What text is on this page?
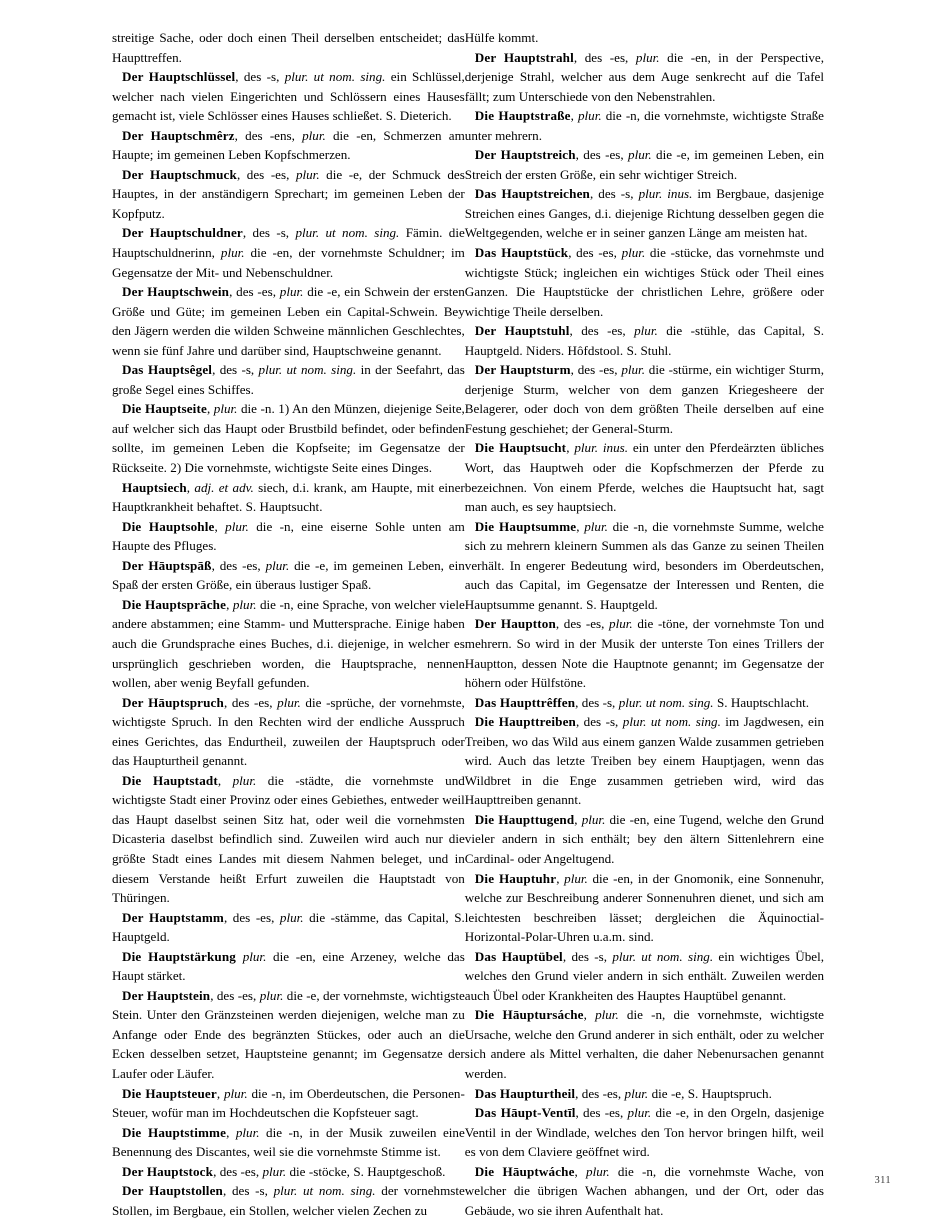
streitige Sache, oder doch einen Theil derselben entscheidet; das Haupttreffen.

Der Hauptschlüssel, des -s, plur. ut nom. sing. ein Schlüssel, welcher nach vielen Eingerichten und Schlössern eines Hauses gemacht ist, viele Schlösser eines Hauses schließet. S. Dieterich.

Der Hauptschmêrz, des -ens, plur. die -en, Schmerzen am Haupte; im gemeinen Leben Kopfschmerzen.

Der Hauptschmuck, des -es, plur. die -e, der Schmuck des Hauptes, in der anständigern Sprechart; im gemeinen Leben der Kopfputz.

Der Hauptschuldner, des -s, plur. ut nom. sing. Fämin. die Hauptschuldnerinn, plur. die -en, der vornehmste Schuldner; im Gegensatze der Mit- und Nebenschuldner.

Der Hauptschwein, des -es, plur. die -e, ein Schwein der ersten Größe und Güte; im gemeinen Leben ein Capital-Schwein. Bey den Jägern werden die wilden Schweine männlichen Geschlechtes, wenn sie fünf Jahre und darüber sind, Hauptschweine genannt.

Das Hauptsêgel, des -s, plur. ut nom. sing. in der Seefahrt, das große Segel eines Schiffes.

Die Hauptseite, plur. die -n. 1) An den Münzen, diejenige Seite, auf welcher sich das Haupt oder Brustbild befindet, oder befinden sollte, im gemeinen Leben die Kopfseite; im Gegensatze der Rückseite. 2) Die vornehmste, wichtigste Seite eines Dinges.

Hauptsiech, adj. et adv. siech, d.i. krank, am Haupte, mit einer Hauptkrankheit behaftet. S. Hauptsucht.

Die Hauptsohle, plur. die -n, eine eiserne Sohle unten am Haupte des Pfluges.

Der Hāuptspāß, des -es, plur. die -e, im gemeinen Leben, ein Spaß der ersten Größe, ein überaus lustiger Spaß.

Die Hauptsprāche, plur. die -n, eine Sprache, von welcher viele andere abstammen; eine Stamm- und Muttersprache. Einige haben auch die Grundsprache eines Buches, d.i. diejenige, in welcher es ursprünglich geschrieben worden, die Hauptsprache, nennen wollen, aber wenig Beyfall gefunden.

Der Hāuptspruch, des -es, plur. die -sprüche, der vornehmste, wichtigste Spruch. In den Rechten wird der endliche Ausspruch eines Gerichtes, das Endurtheil, zuweilen der Hauptspruch oder das Haupturtheil genannt.

Die Hauptstadt, plur. die -städte, die vornehmste und wichtigste Stadt einer Provinz oder eines Gebiethes, entweder weil das Haupt daselbst seinen Sitz hat, oder weil die vornehmsten Dicasteria daselbst befindlich sind. Zuweilen wird auch nur die größte Stadt eines Landes mit diesem Nahmen beleget, und in diesem Verstande heißt Erfurt zuweilen die Hauptstadt von Thüringen.

Der Hauptstamm, des -es, plur. die -stämme, das Capital, S. Hauptgeld.

Die Hauptstärkung plur. die -en, eine Arzeney, welche das Haupt stärket.

Der Hauptstein, des -es, plur. die -e, der vornehmste, wichtigste Stein. Unter den Gränzsteinen werden diejenigen, welche man zu Anfange oder Ende des begränzten Stückes, oder auch an die Ecken desselben setzet, Hauptsteine genannt; im Gegensatze der Laufer oder Läufer.

Die Hauptsteuer, plur. die -n, im Oberdeutschen, die Personen-Steuer, wofür man im Hochdeutschen die Kopfsteuer sagt.

Die Hauptstimme, plur. die -n, in der Musik zuweilen eine Benennung des Discantes, weil sie die vornehmste Stimme ist.

Der Hauptstock, des -es, plur. die -stöcke, S. Hauptgeschoß.

Der Hauptstollen, des -s, plur. ut nom. sing. der vornehmste Stollen, im Bergbaue, ein Stollen, welcher vielen Zechen zu

Hülfe kommt.

Der Hauptstrahl, des -es, plur. die -en, in der Perspective, derjenige Strahl, welcher aus dem Auge senkrecht auf die Tafel fällt; zum Unterschiede von den Nebenstrahlen.

Die Hauptstraße, plur. die -n, die vornehmste, wichtigste Straße unter mehrern.

Der Hauptstreich, des -es, plur. die -e, im gemeinen Leben, ein Streich der ersten Größe, ein sehr wichtiger Streich.

Das Hauptstreichen, des -s, plur. inus. im Bergbaue, dasjenige Streichen eines Ganges, d.i. diejenige Richtung desselben gegen die Weltgegenden, welche er in seiner ganzen Länge am meisten hat.

Das Hauptstück, des -es, plur. die -stücke, das vornehmste und wichtigste Stück; ingleichen ein wichtiges Stück oder Theil eines Ganzen. Die Hauptstücke der christlichen Lehre, größere oder wichtige Theile derselben.

Der Hauptstuhl, des -es, plur. die -stühle, das Capital, S. Hauptgeld. Niders. Hôfdstool. S. Stuhl.

Der Hauptsturm, des -es, plur. die -stürme, ein wichtiger Sturm, derjenige Sturm, welcher von dem ganzen Kriegesheere der Belagerer, oder doch von dem größten Theile derselben auf eine Festung geschiehet; der General-Sturm.

Die Hauptsucht, plur. inus. ein unter den Pferdeärzten übliches Wort, das Hauptweh oder die Kopfschmerzen der Pferde zu bezeichnen. Von einem Pferde, welches die Hauptsucht hat, sagt man auch, es sey hauptsiech.

Die Hauptsumme, plur. die -n, die vornehmste Summe, welche sich zu mehrern kleinern Summen als das Ganze zu seinen Theilen verhält. In engerer Bedeutung wird, besonders im Oberdeutschen, auch das Capital, im Gegensatze der Interessen und Renten, die Hauptsumme genannt. S. Hauptgeld.

Der Hauptton, des -es, plur. die -töne, der vornehmste Ton und mehrern. So wird in der Musik der unterste Ton eines Trillers der Hauptton, dessen Note die Hauptnote genannt; im Gegensatze der höhern oder Hülfstöne.

Das Haupttrêffen, des -s, plur. ut nom. sing. S. Hauptschlacht.

Die Haupttreiben, des -s, plur. ut nom. sing. im Jagdwesen, ein Treiben, wo das Wild aus einem ganzen Walde zusammen getrieben wird. Auch das letzte Treiben bey einem Hauptjagen, wenn das Wildbret in die Enge zusammen getrieben wird, wird das Haupttreiben genannt.

Die Haupttugend, plur. die -en, eine Tugend, welche den Grund vieler andern in sich enthält; bey den ältern Sittenlehrern eine Cardinal- oder Angeltugend.

Die Hauptuhr, plur. die -en, in der Gnomonik, eine Sonnenuhr, welche zur Beschreibung anderer Sonnenuhren dienet, und sich am leichtesten beschreiben lässet; dergleichen die Äquinoctial-Horizontal-Polar-Uhren u.a.m. sind.

Das Hauptübel, des -s, plur. ut nom. sing. ein wichtiges Übel, welches den Grund vieler andern in sich enthält. Zuweilen werden auch Übel oder Krankheiten des Hauptes Hauptübel genannt.

Die Hāuptursáche, plur. die -n, die vornehmste, wichtigste Ursache, welche den Grund anderer in sich enthält, oder zu welcher sich andere als Mittel verhalten, die daher Nebenursachen genannt werden.

Das Haupturtheil, des -es, plur. die -e, S. Hauptspruch.

Das Hāupt-Ventīl, des -es, plur. die -e, in den Orgeln, dasjenige Ventil in der Windlade, welches den Ton hervor bringen hilft, weil es von dem Claviere geöffnet wird.

Die Hāuptwáche, plur. die -n, die vornehmste Wache, von welcher die übrigen Wachen abhangen, und der Ort, oder das Gebäude, wo sie ihren Aufenthalt hat.

311
